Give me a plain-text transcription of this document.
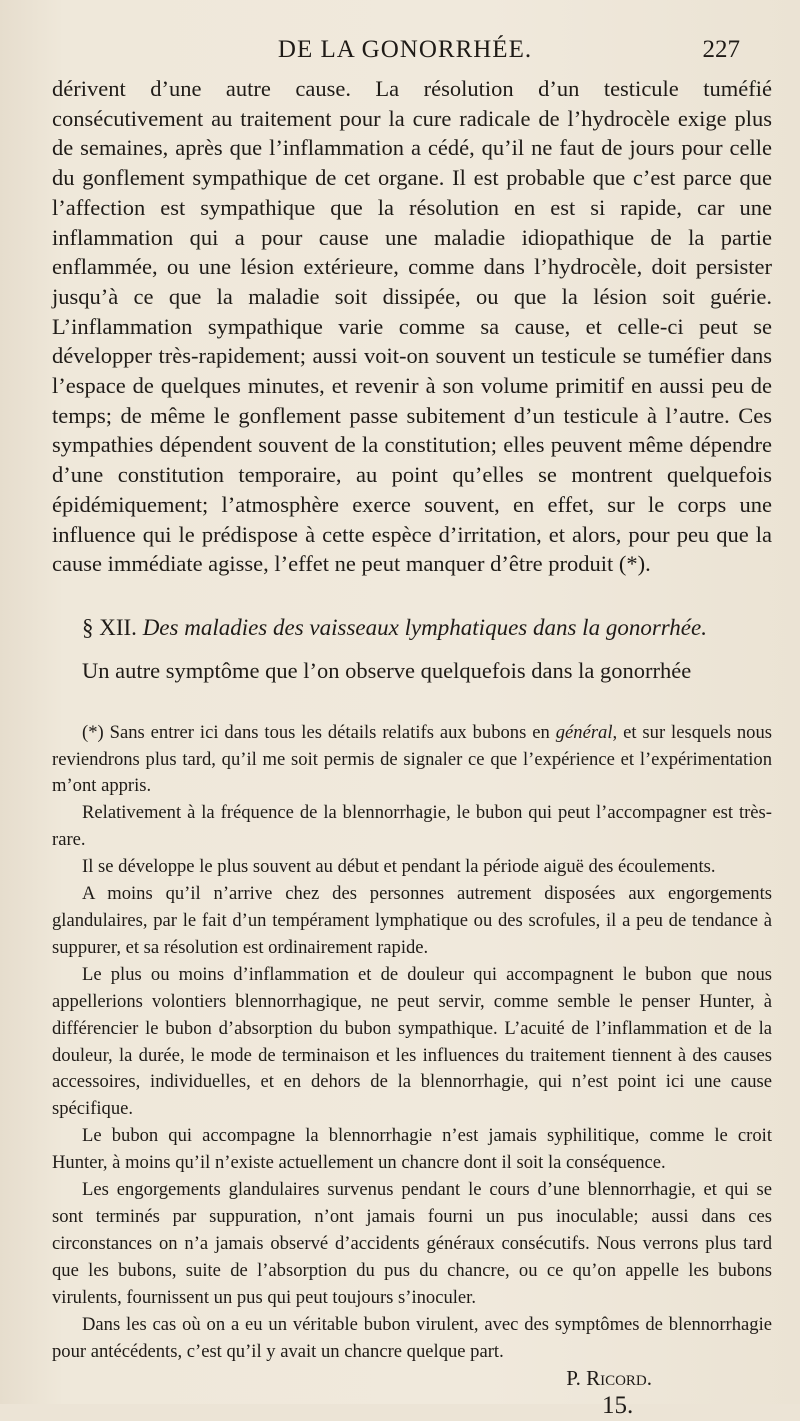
DE LA GONORRHÉE.	227

dérivent d’une autre cause. La résolution d’un testicule tuméfié consécutivement au traitement pour la cure radicale de l’hydrocèle exige plus de semaines, après que l’inflammation a cédé, qu’il ne faut de jours pour celle du gonflement sympathique de cet organe. Il est probable que c’est parce que l’affection est sympathique que la résolution en est si rapide, car une inflammation qui a pour cause une maladie idiopathique de la partie enflammée, ou une lésion extérieure, comme dans l’hydrocèle, doit persister jusqu’à ce que la maladie soit dissipée, ou que la lésion soit guérie. L’inflammation sympathique varie comme sa cause, et celle-ci peut se développer très-rapidement; aussi voit-on souvent un testicule se tuméfier dans l’espace de quelques minutes, et revenir à son volume primitif en aussi peu de temps; de même le gonflement passe subitement d’un testicule à l’autre. Ces sympathies dépendent souvent de la constitution; elles peuvent même dépendre d’une constitution temporaire, au point qu’elles se montrent quelquefois épidémiquement; l’atmosphère exerce souvent, en effet, sur le corps une influence qui le prédispose à cette espèce d’irritation, et alors, pour peu que la cause immédiate agisse, l’effet ne peut manquer d’être produit (*).

§ XII. Des maladies des vaisseaux lymphatiques dans la gonorrhée.

Un autre symptôme que l’on observe quelquefois dans la gonorrhée

(*) Sans entrer ici dans tous les détails relatifs aux bubons en général, et sur lesquels nous reviendrons plus tard, qu’il me soit permis de signaler ce que l’expérience et l’expérimentation m’ont appris.

Relativement à la fréquence de la blennorrhagie, le bubon qui peut l’accompagner est très-rare.

Il se développe le plus souvent au début et pendant la période aiguë des écoulements.

A moins qu’il n’arrive chez des personnes autrement disposées aux engorgements glandulaires, par le fait d’un tempérament lymphatique ou des scrofules, il a peu de tendance à suppurer, et sa résolution est ordinairement rapide.

Le plus ou moins d’inflammation et de douleur qui accompagnent le bubon que nous appellerions volontiers blennorrhagique, ne peut servir, comme semble le penser Hunter, à différencier le bubon d’absorption du bubon sympathique. L’acuité de l’inflammation et de la douleur, la durée, le mode de terminaison et les influences du traitement tiennent à des causes accessoires, individuelles, et en dehors de la blennorrhagie, qui n’est point ici une cause spécifique.

Le bubon qui accompagne la blennorrhagie n’est jamais syphilitique, comme le croit Hunter, à moins qu’il n’existe actuellement un chancre dont il soit la conséquence.

Les engorgements glandulaires survenus pendant le cours d’une blennorrhagie, et qui se sont terminés par suppuration, n’ont jamais fourni un pus inoculable; aussi dans ces circonstances on n’a jamais observé d’accidents généraux consécutifs. Nous verrons plus tard que les bubons, suite de l’absorption du pus du chancre, ou ce qu’on appelle les bubons virulents, fournissent un pus qui peut toujours s’inoculer.

Dans les cas où on a eu un véritable bubon virulent, avec des symptômes de blennorrhagie pour antécédents, c’est qu’il y avait un chancre quelque part.

P. Ricord.

15.
